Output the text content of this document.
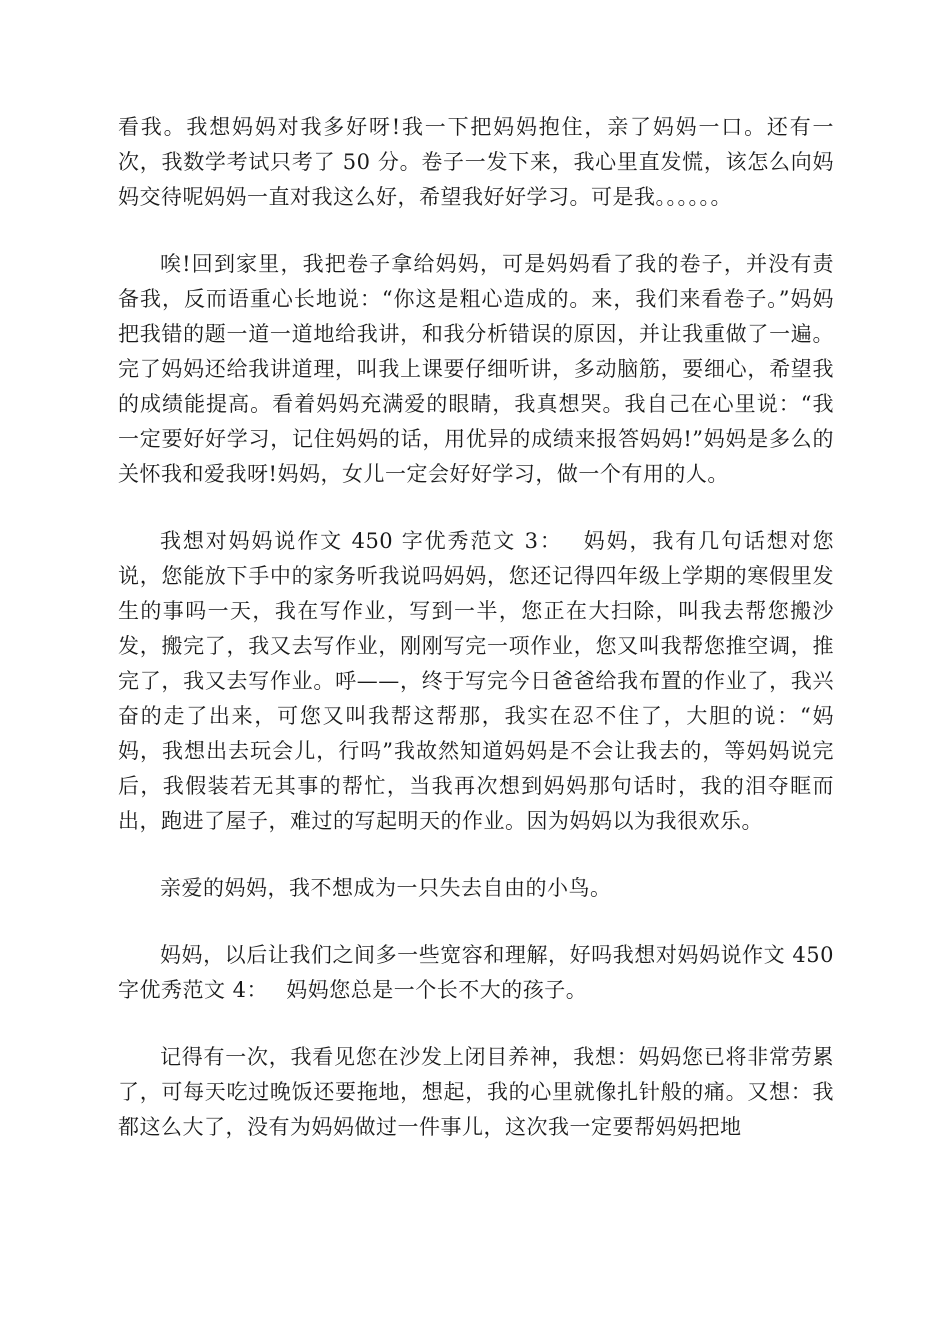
看我。我想妈妈对我多好呀!我一下把妈妈抱住，亲了妈妈一口。还有一次，我数学考试只考了 50 分。卷子一发下来，我心里直发慌，该怎么向妈妈交待呢妈妈一直对我这么好，希望我好好学习。可是我。。。。。。

唉!回到家里，我把卷子拿给妈妈，可是妈妈看了我的卷子，并没有责备我，反而语重心长地说：“你这是粗心造成的。来，我们来看卷子。”妈妈把我错的题一道一道地给我讲，和我分析错误的原因，并让我重做了一遍。完了妈妈还给我讲道理，叫我上课要仔细听讲，多动脑筋，要细心，希望我的成绩能提高。看着妈妈充满爱的眼睛，我真想哭。我自己在心里说：“我一定要好好学习，记住妈妈的话，用优异的成绩来报答妈妈!”妈妈是多么的关怀我和爱我呀!妈妈，女儿一定会好好学习，做一个有用的人。

我想对妈妈说作文 450 字优秀范文 3：　 妈妈，我有几句话想对您说，您能放下手中的家务听我说吗妈妈，您还记得四年级上学期的寒假里发生的事吗一天，我在写作业，写到一半，您正在大扫除，叫我去帮您搬沙发，搬完了，我又去写作业，刚刚写完一项作业，您又叫我帮您推空调，推完了，我又去写作业。呼——，终于写完今日爸爸给我布置的作业了，我兴奋的走了出来，可您又叫我帮这帮那，我实在忍不住了，大胆的说：“妈妈，我想出去玩会儿，行吗”我故然知道妈妈是不会让我去的，等妈妈说完后，我假装若无其事的帮忙，当我再次想到妈妈那句话时，我的泪夺眶而出，跑进了屋子，难过的写起明天的作业。因为妈妈以为我很欢乐。

亲爱的妈妈，我不想成为一只失去自由的小鸟。

妈妈，以后让我们之间多一些宽容和理解，好吗我想对妈妈说作文 450 字优秀范文 4：　 妈妈您总是一个长不大的孩子。

记得有一次，我看见您在沙发上闭目养神，我想：妈妈您已将非常劳累了，可每天吃过晚饭还要拖地，想起，我的心里就像扎针般的痛。又想：我都这么大了，没有为妈妈做过一件事儿，这次我一定要帮妈妈把地
